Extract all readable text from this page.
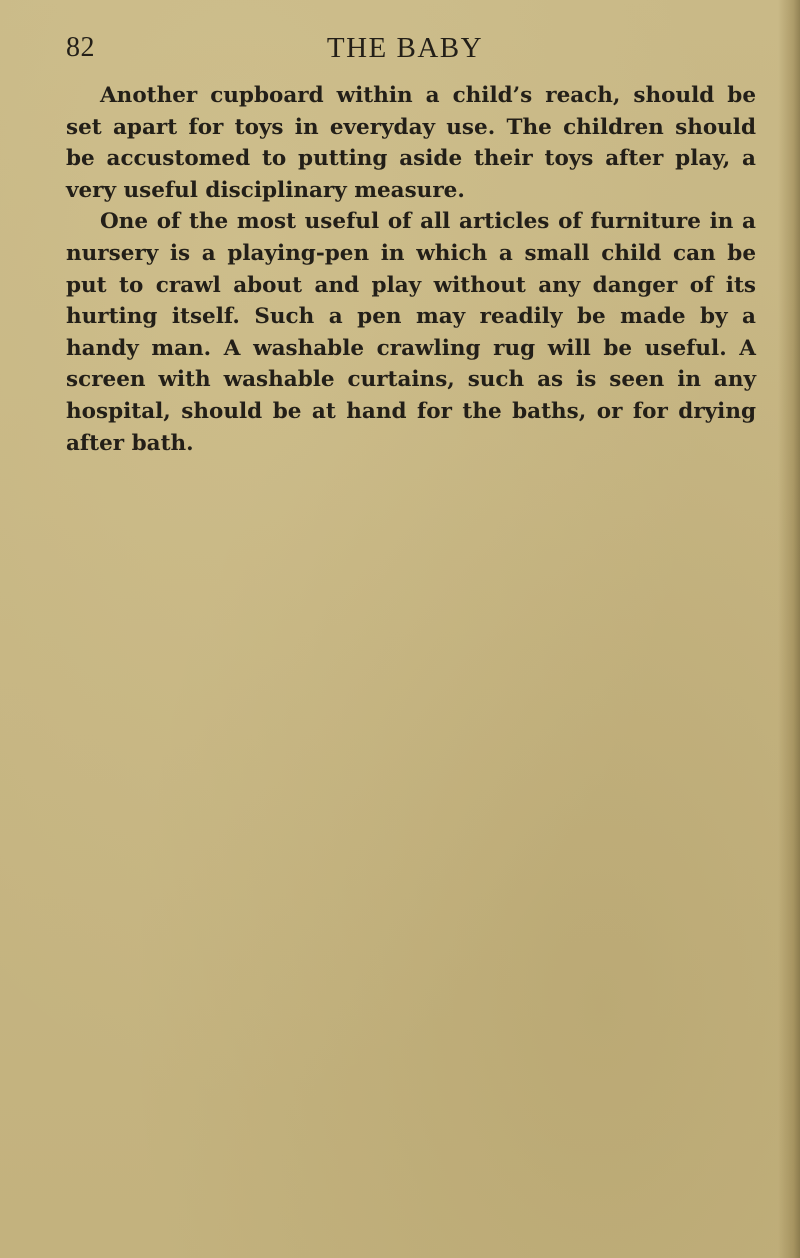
82	THE BABY

Another cupboard within a child’s reach, should be set apart for toys in everyday use. The children should be accustomed to putting aside their toys after play, a very useful disciplinary measure.

One of the most useful of all articles of furniture in a nursery is a playing-pen in which a small child can be put to crawl about and play without any danger of its hurting itself. Such a pen may readily be made by a handy man. A washable crawling rug will be useful. A screen with washable curtains, such as is seen in any hospital, should be at hand for the baths, or for drying after bath.
